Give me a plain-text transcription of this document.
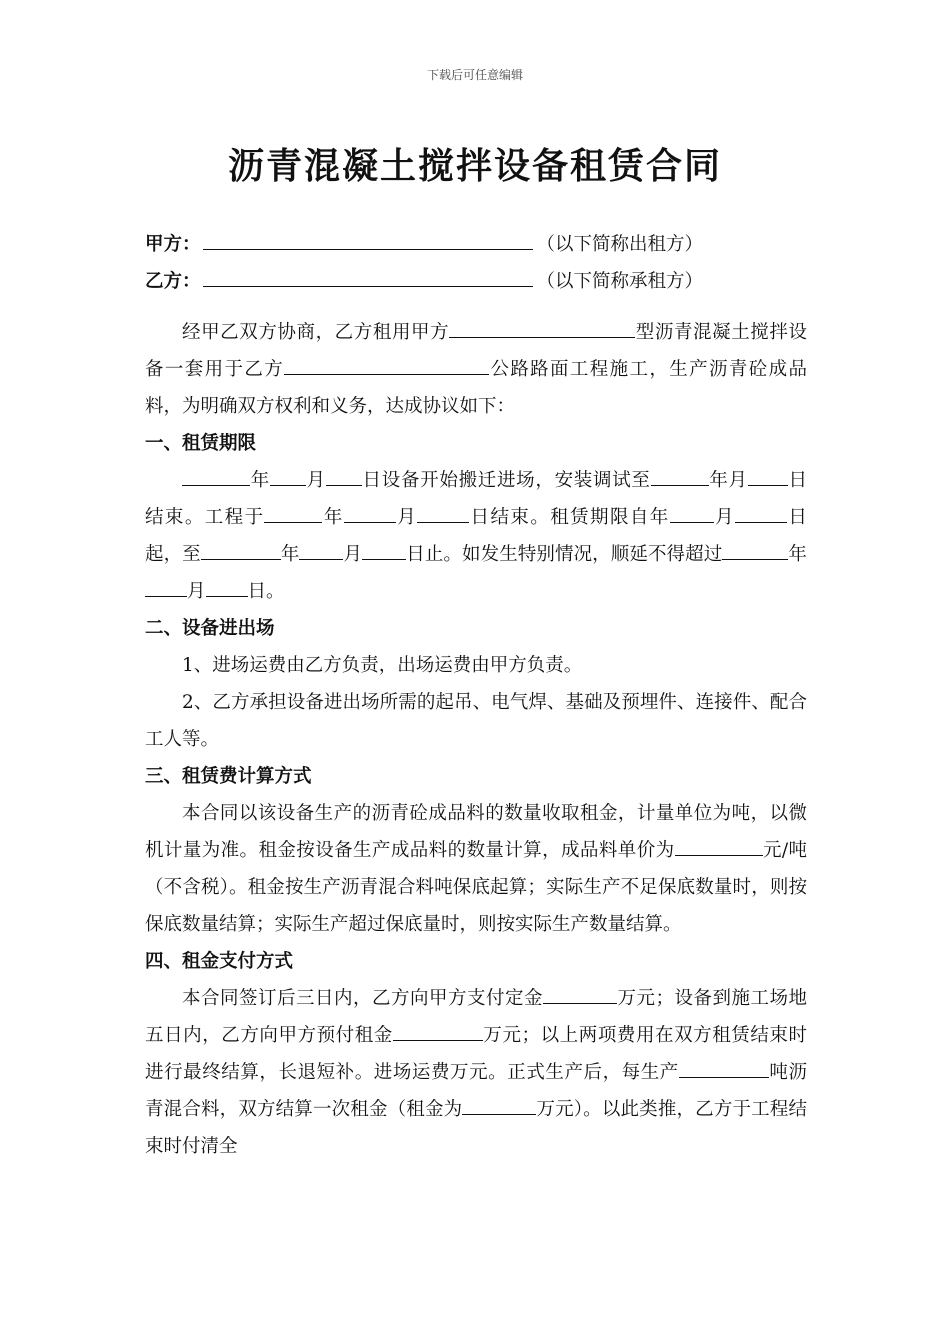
下载后可任意编辑
沥青混凝土搅拌设备租赁合同
甲方：	（以下简称出租方）
乙方：	（以下简称承租方）

经甲乙双方协商，乙方租用甲方	型沥青混凝土搅拌设备一套用于乙方	公路路面工程施工，生产沥青砼成品料，为明确双方权利和义务，达成协议如下：

一、租赁期限

年 月 日设备开始搬迁进场，安装调试至	年月 日结束。工程于	年	月	日结束。租赁期限自年 月	日起，至	年 月 日止。如发生特别情况，顺延不得超过	年月 日。

二、设备进出场

1、进场运费由乙方负责，出场运费由甲方负责。

2、乙方承担设备进出场所需的起吊、电气焊、基础及预埋件、连接件、配合工人等。

三、租赁费计算方式

本合同以该设备生产的沥青砼成品料的数量收取租金，计量单位为吨，以微机计量为准。租金按设备生产成品料的数量计算，成品料单价为	元/吨（不含税）。租金按生产沥青混合料吨保底起算；实际生产不足保底数量时，则按保底数量结算；实际生产超过保底量时，则按实际生产数量结算。

四、租金支付方式

本合同签订后三日内，乙方向甲方支付定金	万元；设备到施工场地五日内，乙方向甲方预付租金	万元；以上两项费用在双方租赁结束时进行最终结算，长退短补。进场运费万元。正式生产后，每生产	吨沥青混合料，双方结算一次租金（租金为	万元）。以此类推，乙方于工程结束时付清全
